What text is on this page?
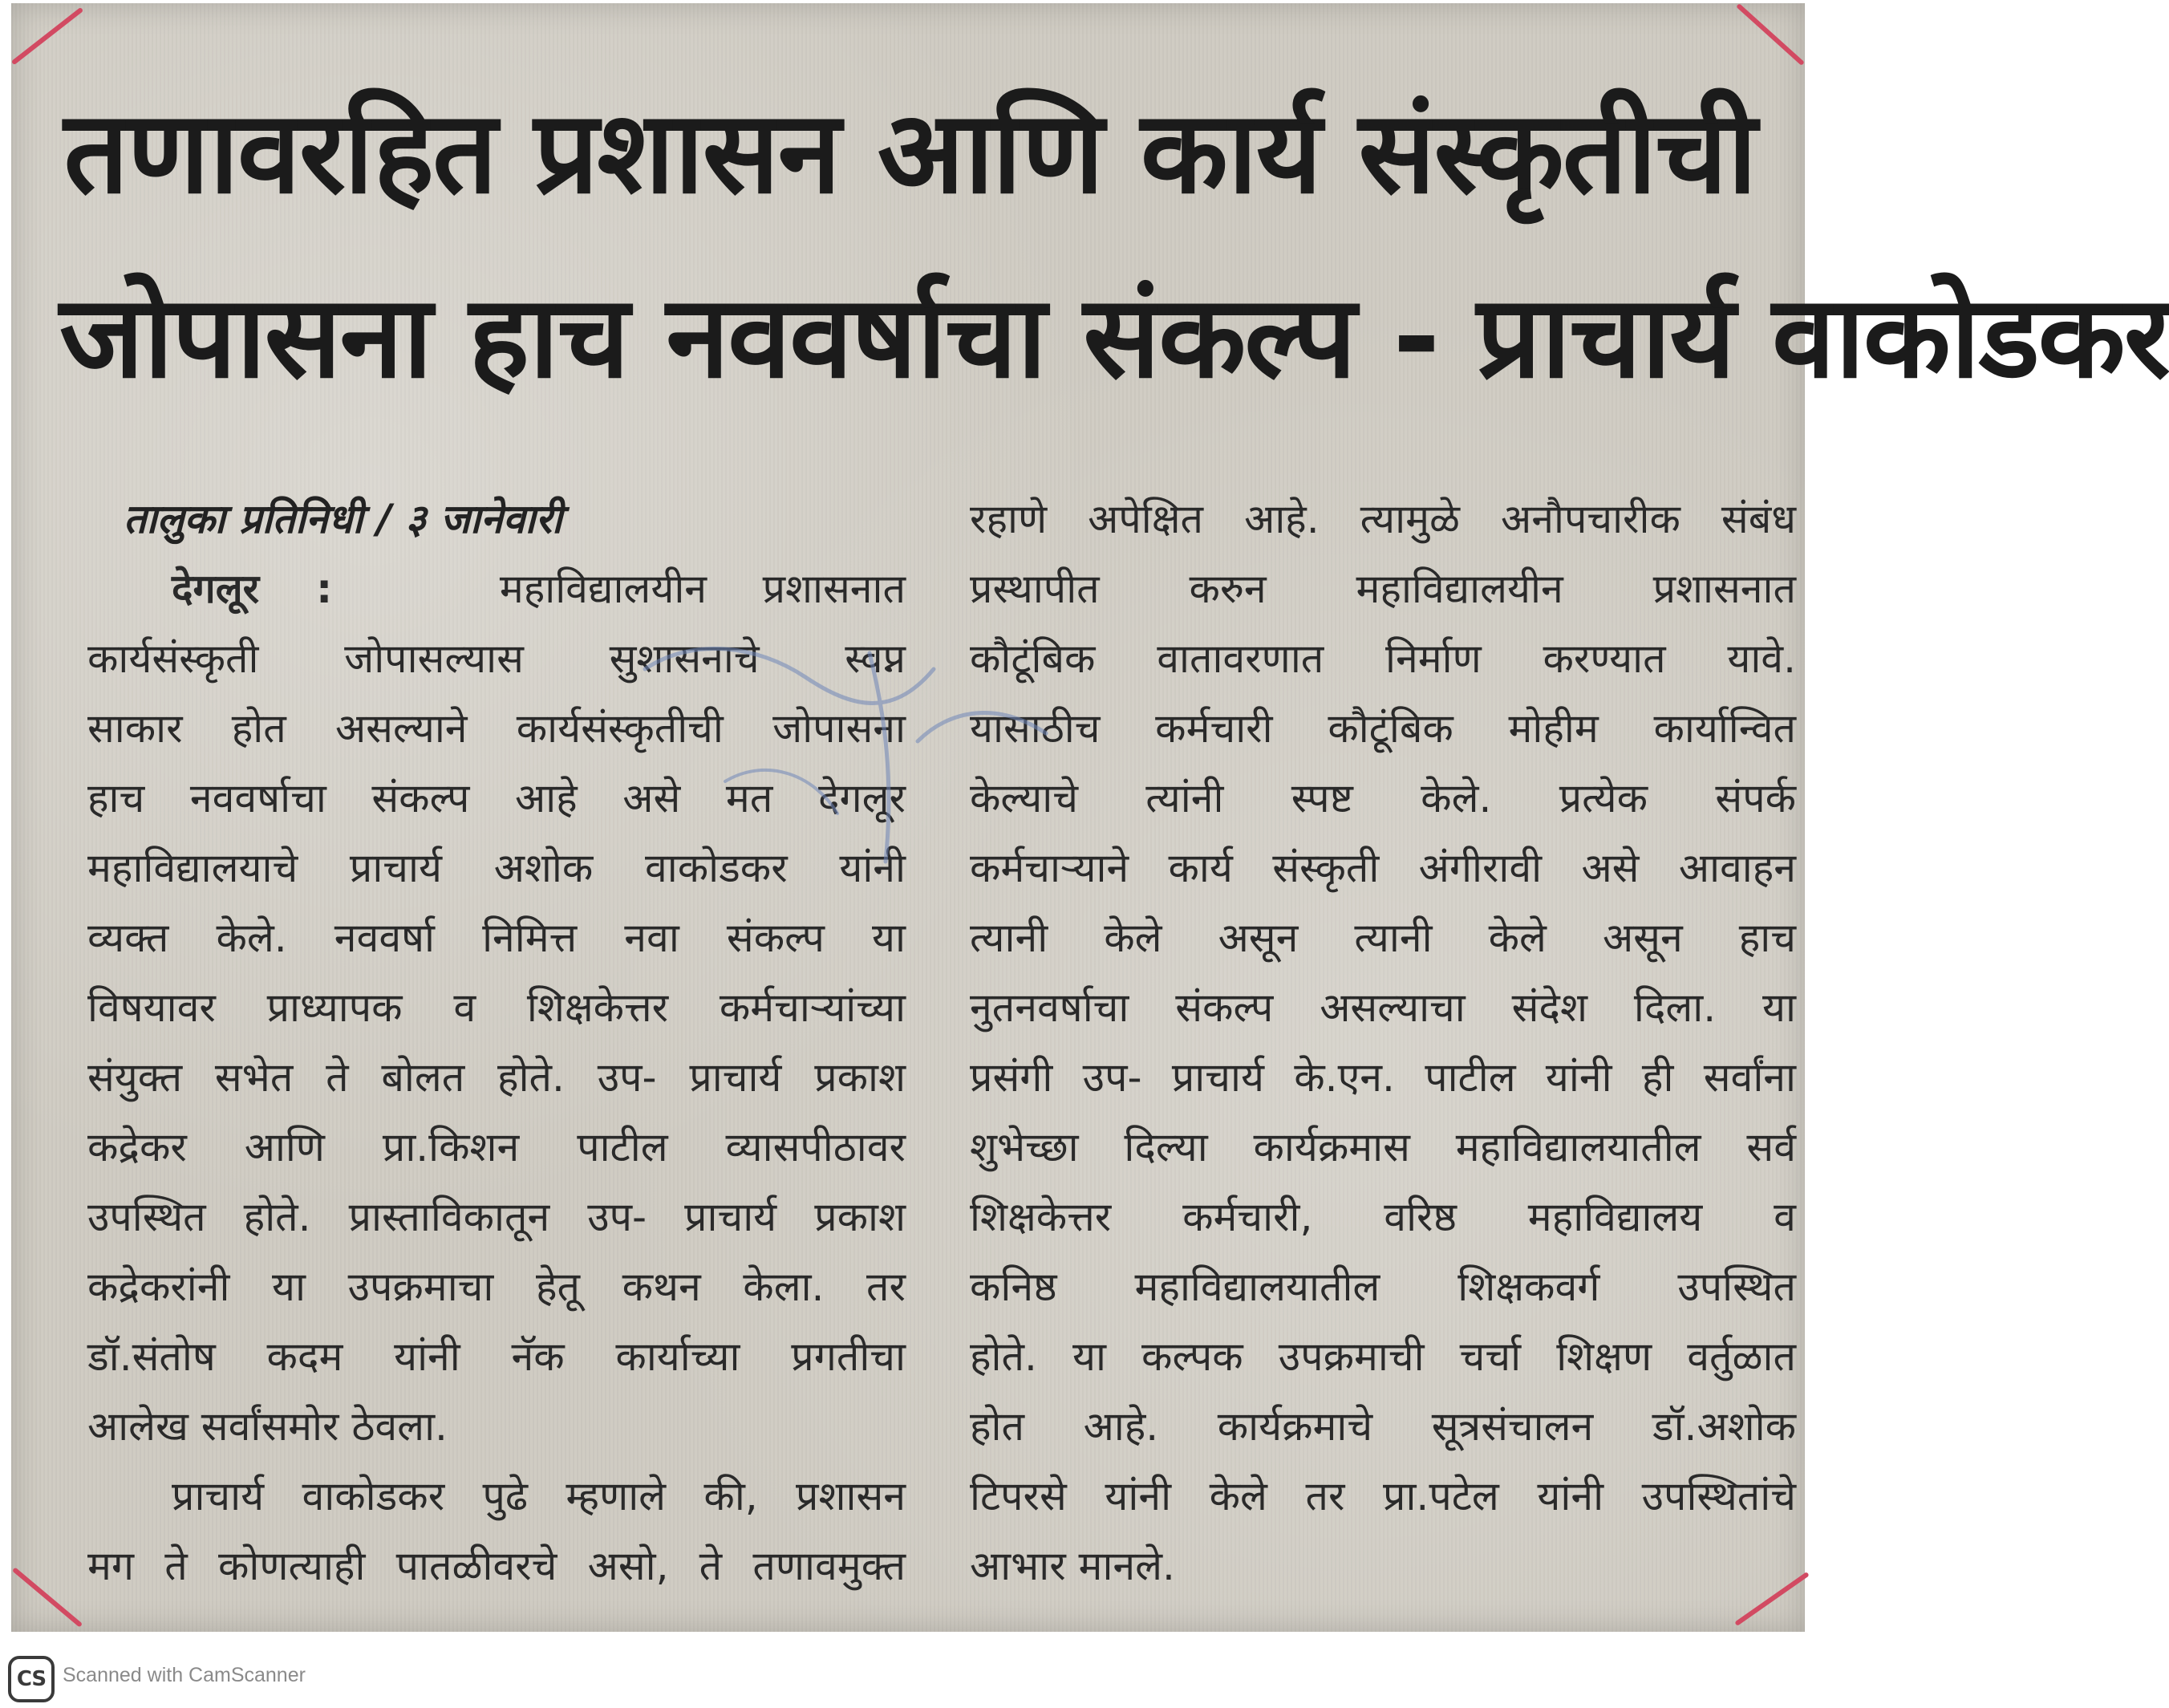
तणावरहित प्रशासन आणि कार्य संस्कृतीची
जोपासना हाच नववर्षाचा संकल्प - प्राचार्य वाकोडकर
तालुका प्रतिनिधी / ३ जानेवारी
देगलूर :	महाविद्यालयीन प्रशासनात
कार्यसंस्कृती जोपासल्यास सुशासनाचे स्वप्न
साकार होत असल्याने कार्यसंस्कृतीची जोपासना
हाच नववर्षाचा संकल्प आहे असे मत देगलूर
महाविद्यालयाचे प्राचार्य अशोक वाकोडकर यांनी
व्यक्त केले. नववर्षा निमित्त नवा संकल्प या
विषयावर प्राध्यापक व शिक्षकेत्तर कर्मचाऱ्यांच्या
संयुक्त सभेत ते बोलत होते. उप- प्राचार्य प्रकाश
कद्रेकर आणि प्रा.किशन पाटील व्यासपीठावर
उपस्थित होते. प्रास्ताविकातून उप- प्राचार्य प्रकाश
कद्रेकरांनी या उपक्रमाचा हेतू कथन केला. तर
डॉ.संतोष कदम यांनी नॅक कार्याच्या प्रगतीचा
आलेख सर्वांसमोर ठेवला.
प्राचार्य वाकोडकर पुढे म्हणाले की, प्रशासन
मग ते कोणत्याही पातळीवरचे असो, ते तणावमुक्त
रहाणे अपेक्षित आहे. त्यामुळे अनौपचारीक संबंध
प्रस्थापीत करुन महाविद्यालयीन प्रशासनात
कौटूंबिक वातावरणात निर्माण करण्यात यावे.
यासाठीच कर्मचारी कौटूंबिक मोहीम कार्यान्वित
केल्याचे त्यांनी स्पष्ट केले. प्रत्येक संपर्क
कर्मचाऱ्याने कार्य संस्कृती अंगीरावी असे आवाहन
त्यानी केले असून त्यानी केले असून हाच
नुतनवर्षाचा संकल्प असल्याचा संदेश दिला. या
प्रसंगी उप- प्राचार्य के.एन. पाटील यांनी ही सर्वांना
शुभेच्छा दिल्या कार्यक्रमास महाविद्यालयातील सर्व
शिक्षकेत्तर कर्मचारी, वरिष्ठ महाविद्यालय व
कनिष्ठ महाविद्यालयातील शिक्षकवर्ग उपस्थित
होते. या कल्पक उपक्रमाची चर्चा शिक्षण वर्तुळात
होत आहे. कार्यक्रमाचे सूत्रसंचालन डॉ.अशोक
टिपरसे यांनी केले तर प्रा.पटेल यांनी उपस्थितांचे
आभार मानले.
CS Scanned with CamScanner
